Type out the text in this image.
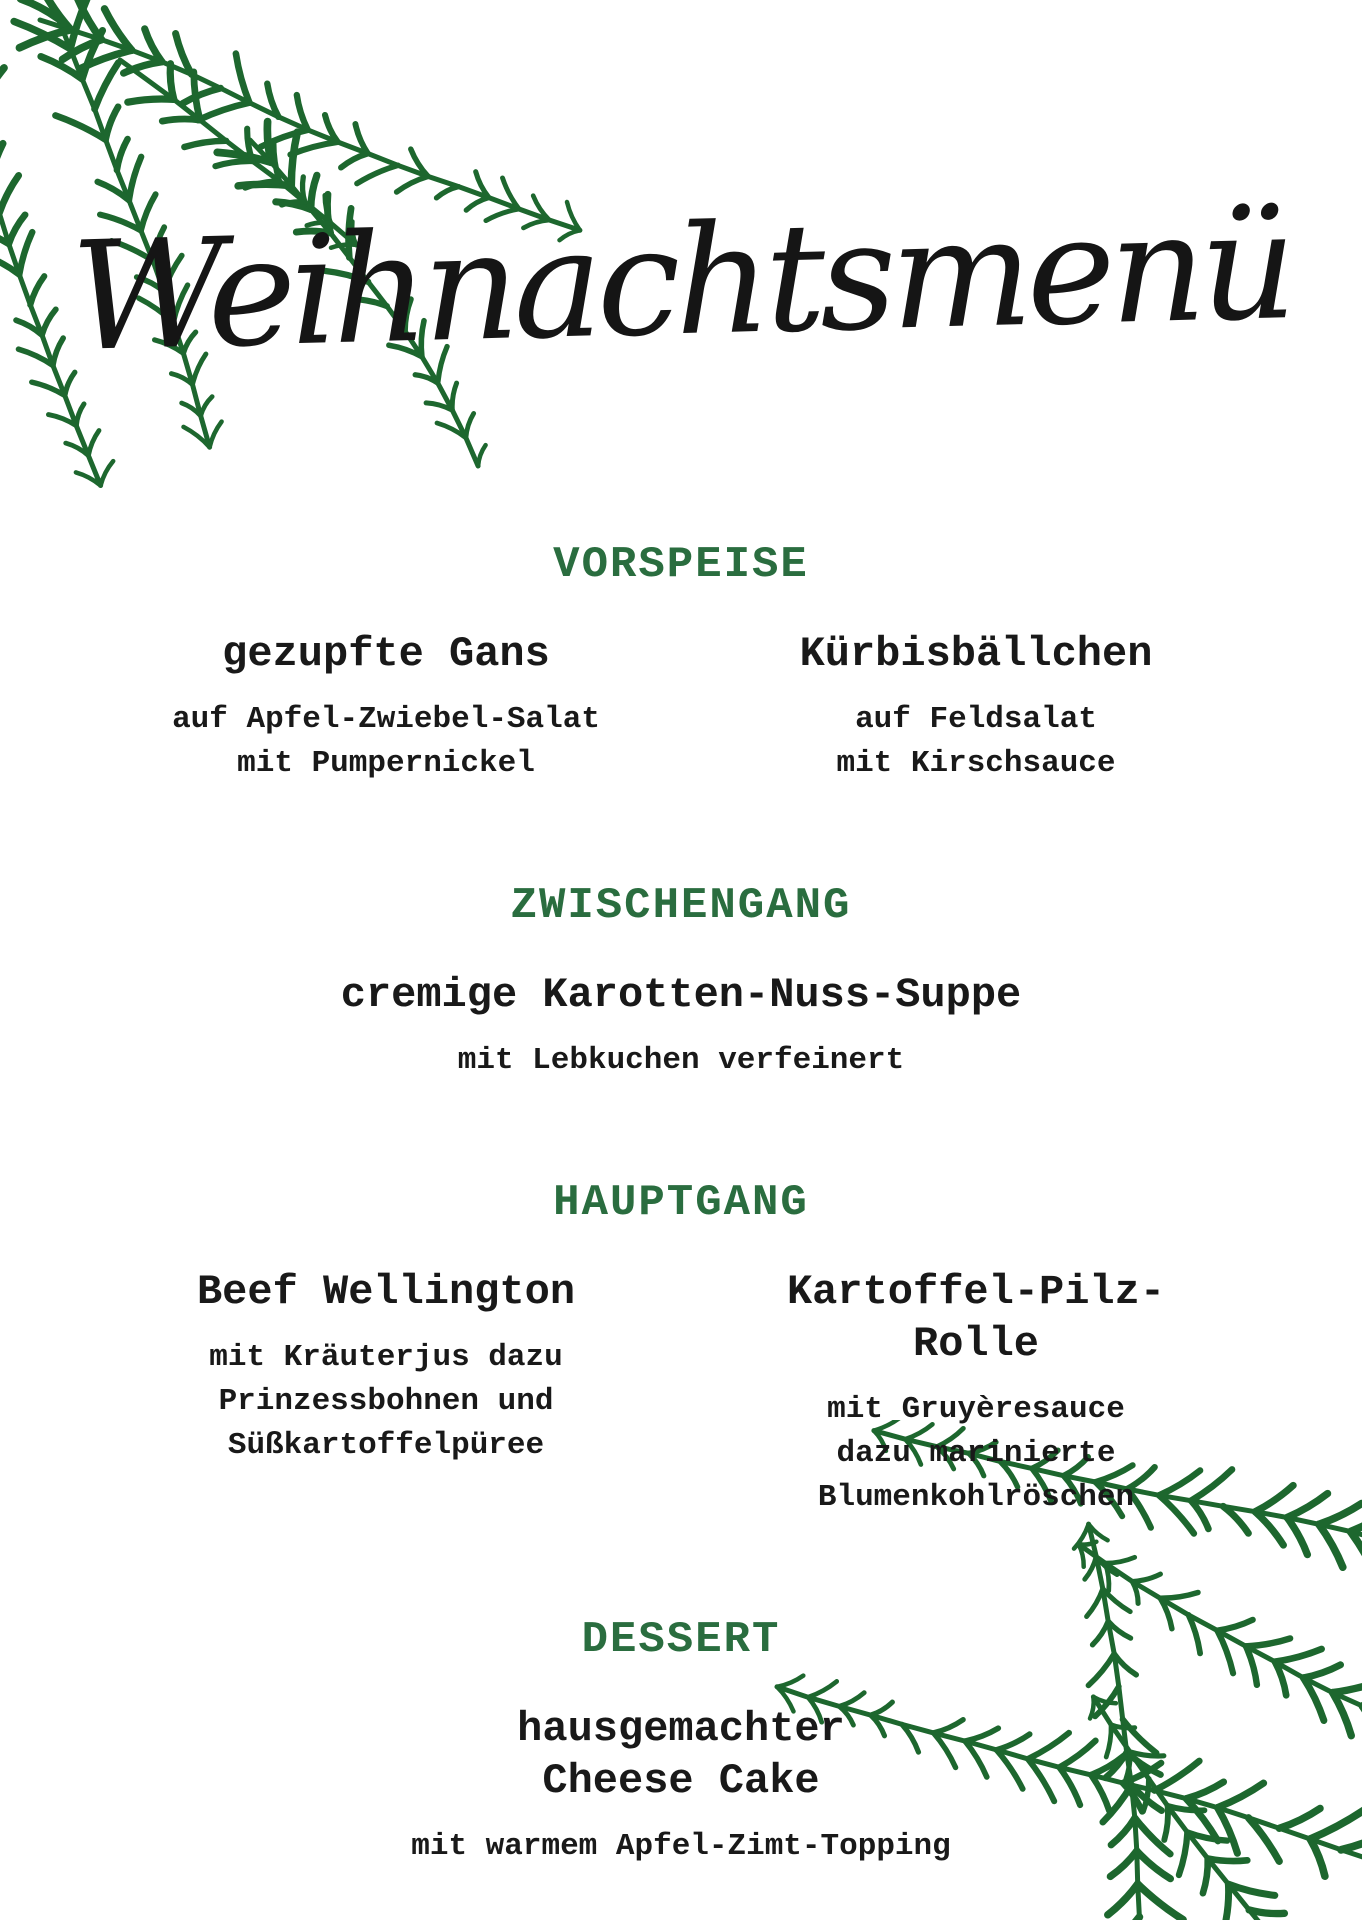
Weihnachtsmenü
VORSPEISE
gezupfte Gans
auf Apfel-Zwiebel-Salat
mit Pumpernickel
Kürbisbällchen
auf Feldsalat
mit Kirschsauce
ZWISCHENGANG
cremige Karotten-Nuss-Suppe
mit Lebkuchen verfeinert
HAUPTGANG
Beef Wellington
mit Kräuterjus dazu
Prinzessbohnen und
Süßkartoffelpüree
Kartoffel-Pilz-Rolle
mit Gruyèresauce
dazu marinierte
Blumenkohlröschen
DESSERT
hausgemachter Cheese Cake
mit warmem Apfel-Zimt-Topping
